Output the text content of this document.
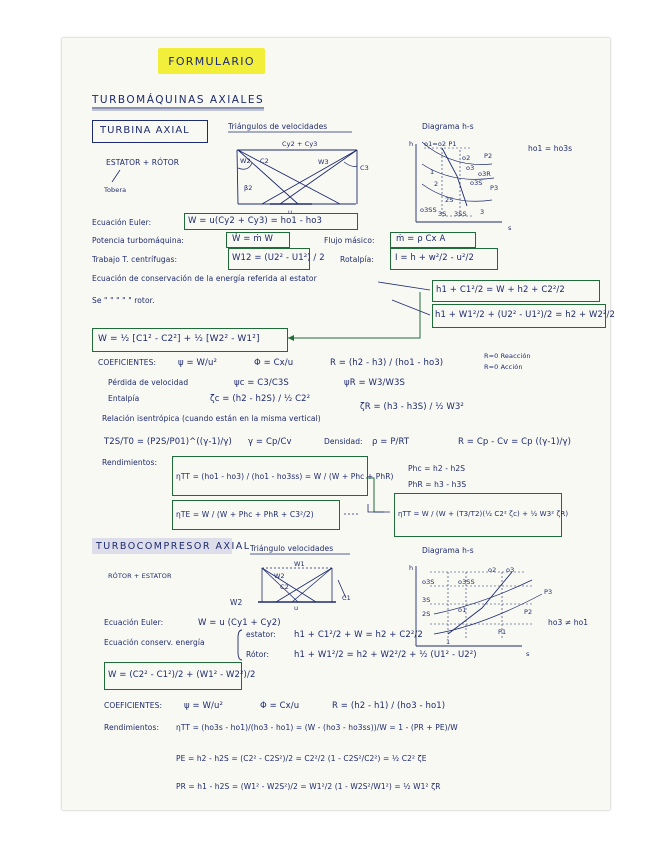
FORMULARIO
TURBOMÁQUINAS AXIALES
TURBINA AXIAL
ESTATOR + RÓTOR
Tobera
Triángulos de velocidades
Cy2 + Cy3
C2
W2	W3
C3
β2
u
Diagrama h-s
h
s
o1=o2 P1
o2
o3
o3R
o3S
o3SS
P3
P2
2
3
2S
3S 3SS
1
ho1 = ho3s
Ecuación Euler:	W = u(Cy2 + Cy3) = ho1 - ho3
Potencia turbomáquina:	Ẇ = ṁ W	Flujo másico:	ṁ = ρ Cx A
Trabajo T. centrífugas:	W12 = (U2² - U1²) / 2 Rotalpía: I = h + w²/2 - u²/2
Ecuación de conservación de la energía referida al estator
Se " " " " " rotor.
h1 + C1²/2 = W + h2 + C2²/2
h1 + W1²/2 + (U2² - U1²)/2 = h2 + W2²/2
W = ½ [C1² - C2²] + ½ [W2² - W1²]
COEFICIENTES:	ψ = W/u²	Φ = Cx/u	R = (h2 - h3) / (ho1 - ho3)
R=0 Reacción
R=0 Acción
Pérdida de velocidad	ψc = C3/C3S	ψR = W3/W3S
Entalpía	ζc = (h2 - h2S) / ½ C2²
ζR = (h3 - h3S) / ½ W3²
Relación isentrópica (cuando están en la misma vertical)
T2S/T0 = (P2S/P01)^((γ-1)/γ) γ = Cp/Cv	Densidad: ρ = P/RT	R = Cp - Cv = Cp ((γ-1)/γ)
Rendimientos:
ηTT = (ho1 - ho3) / (ho1 - ho3ss) = W / (W + Phc + PhR)
Phc = h2 - h2S
PhR = h3 - h3S
ηTE = W / (W + Phc + PhR + C3²/2)	ηTT = W / (W + (T3/T2)(½ C2² ζc) + ½ W3² ζR)
TURBOCOMPRESOR AXIAL
RÓTOR + ESTATOR
Triángulo velocidades
W1
W2
C1
C2
u
W2
Diagrama h-s
h
s
o3S
o3
o2
3S
o3SS
2S	o1
1
P3
P2
P1
ho3 ≠ ho1
Ecuación Euler:	W = u (Cy1 + Cy2)
Ecuación conserv. energía
estator: h1 + C1²/2 + W = h2 + C2²/2
Rótor:	h1 + W1²/2 = h2 + W2²/2 + ½ (U1² - U2²)
W = (C2² - C1²)/2 + (W1² - W2²)/2
COEFICIENTES:	ψ = W/u²	Φ = Cx/u	R = (h2 - h1) / (ho3 - ho1)
Rendimientos: ηTT = (ho3s - ho1)/(ho3 - ho1) = (W - (ho3 - ho3ss))/W = 1 - (PR + PE)/W
PE = h2 - h2S = (C2² - C2S²)/2 = C2²/2 (1 - C2S²/C2²) = ½ C2² ζE
PR = h1 - h2S = (W1² - W2S²)/2 = W1²/2 (1 - W2S²/W1²) = ½ W1² ζR
